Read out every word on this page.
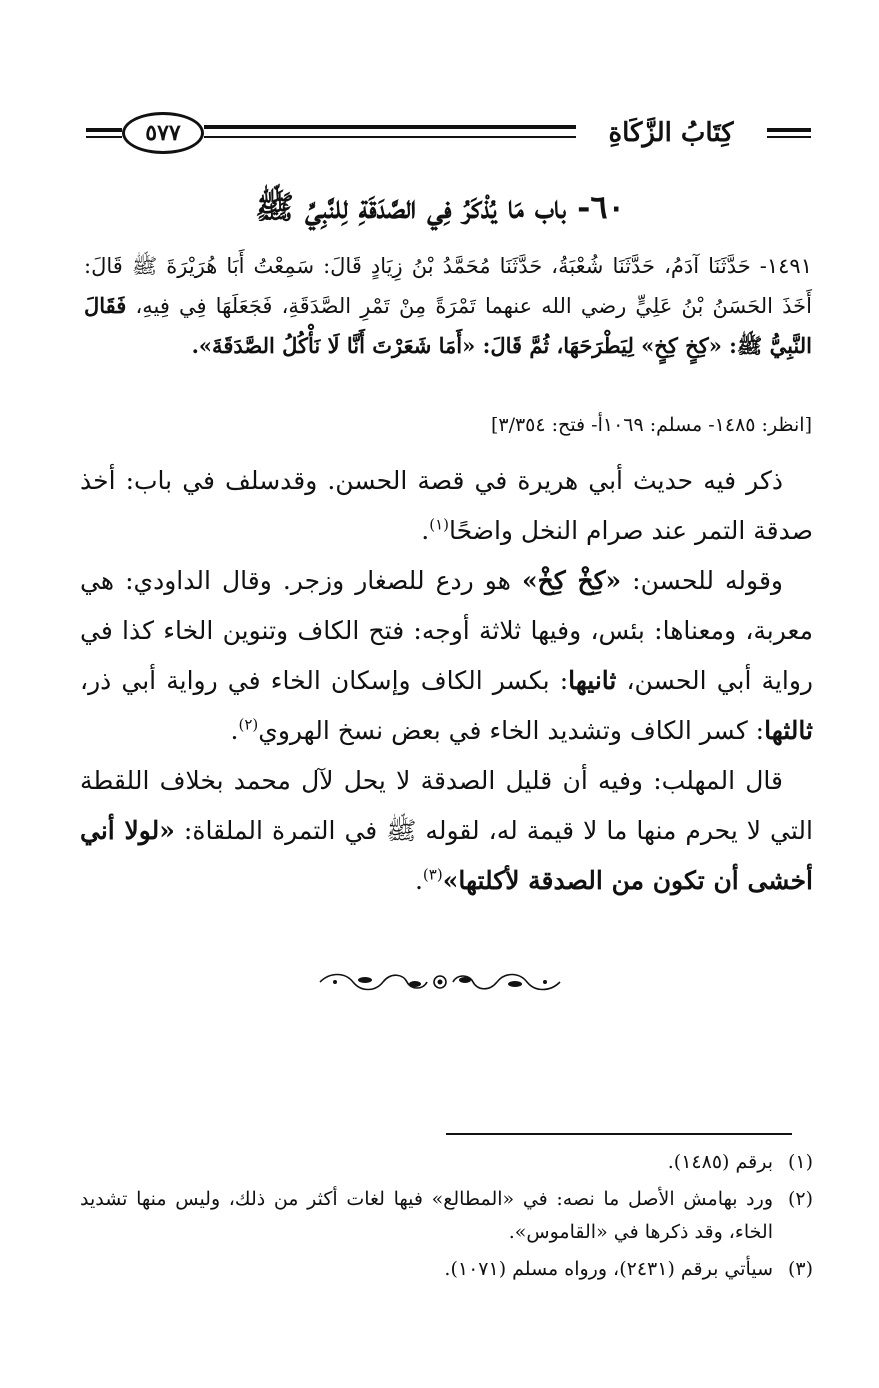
٥٧٧	كِتَابُ الزَّكَاةِ
٦٠- باب مَا يُذْكَرُ فِي الصَّدَقَةِ لِلنَّبِيِّ ﷺ
١٤٩١- حَدَّثَنَا آدَمُ، حَدَّثَنَا شُعْبَةُ، حَدَّثَنَا مُحَمَّدُ بْنُ زِيَادٍ قَالَ: سَمِعْتُ أَبَا هُرَيْرَةَ ﷺ قَالَ: أَخَذَ الحَسَنُ بْنُ عَلِيٍّ رضي الله عنهما تَمْرَةً مِنْ تَمْرِ الصَّدَقَةِ، فَجَعَلَهَا فِي فِيهِ، فَقَالَ النَّبِيُّ ﷺ: «كِخٍ كِخٍ» لِيَطْرَحَهَا، ثُمَّ قَالَ: «أَمَا شَعَرْتَ أَنَّا لَا نَأْكُلُ الصَّدَقَةَ».
[انظر: ١٤٨٥- مسلم: ١٠٦٩أ- فتح: ٣/٣٥٤]

ذكر فيه حديث أبي هريرة في قصة الحسن. وقدسلف في باب: أخذ صدقة التمر عند صرام النخل واضحًا$^{(١)}$.

وقوله للحسن: «كِخْ كِخْ» هو ردع للصغار وزجر. وقال الداودي: هي معربة، ومعناها: بئس، وفيها ثلاثة أوجه: فتح الكاف وتنوين الخاء كذا في رواية أبي الحسن، ثانيها: بكسر الكاف وإسكان الخاء في رواية أبي ذر، ثالثها: كسر الكاف وتشديد الخاء في بعض نسخ الهروي$^{(٢)}$.

قال المهلب: وفيه أن قليل الصدقة لا يحل لآل محمد بخلاف اللقطة التي لا يحرم منها ما لا قيمة له، لقوله ﷺ في التمرة الملقاة: «لولا أني أخشى أن تكون من الصدقة لأكلتها»$^{(٣)}$.

(١)
برقم (١٤٨٥).
(٢)
ورد بهامش الأصل ما نصه: في «المطالع» فيها لغات أكثر من ذلك، وليس منها تشديد الخاء، وقد ذكرها في «القاموس».
(٣)
سيأتي برقم (٢٤٣١)، ورواه مسلم (١٠٧١).
